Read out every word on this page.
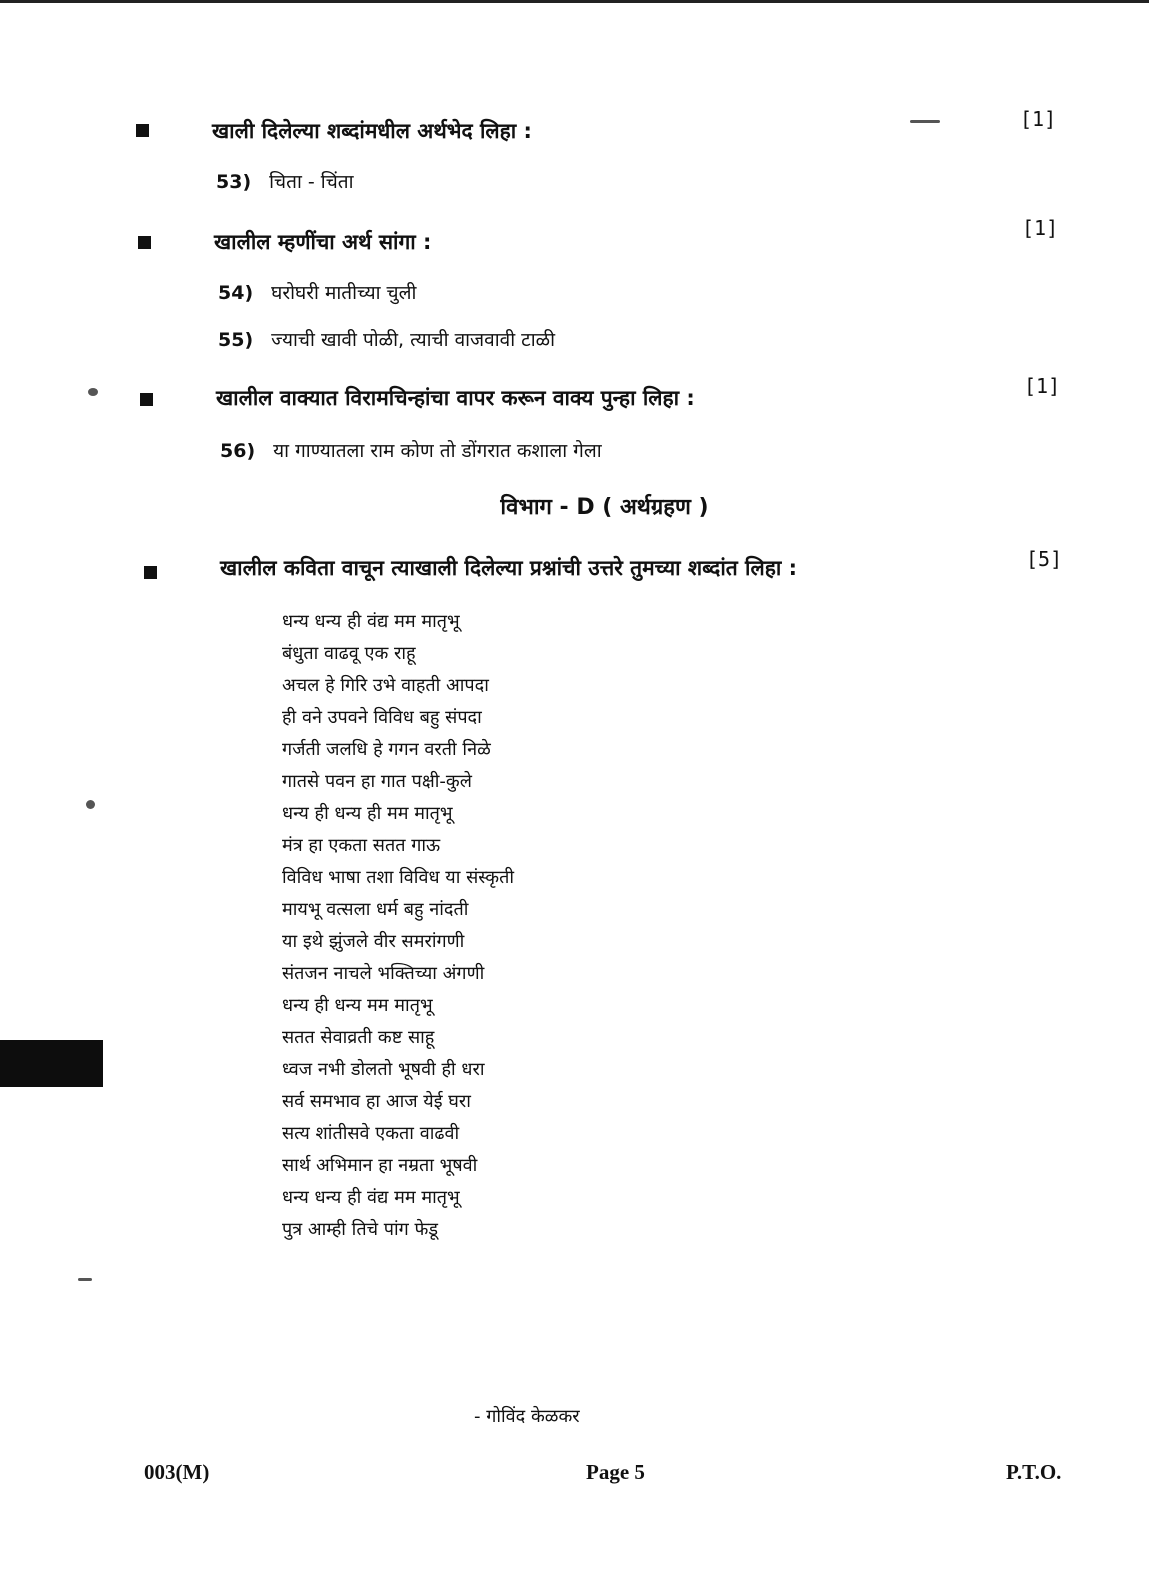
खाली दिलेल्या शब्दांमधील अर्थभेद लिहा :	[1]
53) चिता - चिंता
खालील म्हणींचा अर्थ सांगा :
[1]
54) घरोघरी मातीच्या चुली
55) ज्याची खावी पोळी, त्याची वाजवावी टाळी
खालील वाक्यात विरामचिन्हांचा वापर करून वाक्य पुन्हा लिहा :	[1]
56) या गाण्यातला राम कोण तो डोंगरात कशाला गेला
विभाग - D ( अर्थग्रहण )
खालील कविता वाचून त्याखाली दिलेल्या प्रश्नांची उत्तरे तुमच्या शब्दांत लिहा :	[5]
धन्य धन्य ही वंद्य मम मातृभू
बंधुता वाढवू एक राहू
अचल हे गिरि उभे वाहती आपदा
ही वने उपवने विविध बहु संपदा
गर्जती जलधि हे गगन वरती निळे
गातसे पवन हा गात पक्षी-कुले
धन्य ही धन्य ही मम मातृभू
मंत्र हा एकता सतत गाऊ
विविध भाषा तशा विविध या संस्कृती
मायभू वत्सला धर्म बहु नांदती
या इथे झुंजले वीर समरांगणी
संतजन नाचले भक्तिच्या अंगणी
धन्य ही धन्य मम मातृभू
सतत सेवाव्रती कष्ट साहू
ध्वज नभी डोलतो भूषवी ही धरा
सर्व समभाव हा आज येई घरा
सत्य शांतीसवे एकता वाढवी
सार्थ अभिमान हा नम्रता भूषवी
धन्य धन्य ही वंद्य मम मातृभू
पुत्र आम्ही तिचे पांग फेडू
- गोविंद केळकर
003(M)	Page 5	P.T.O.
